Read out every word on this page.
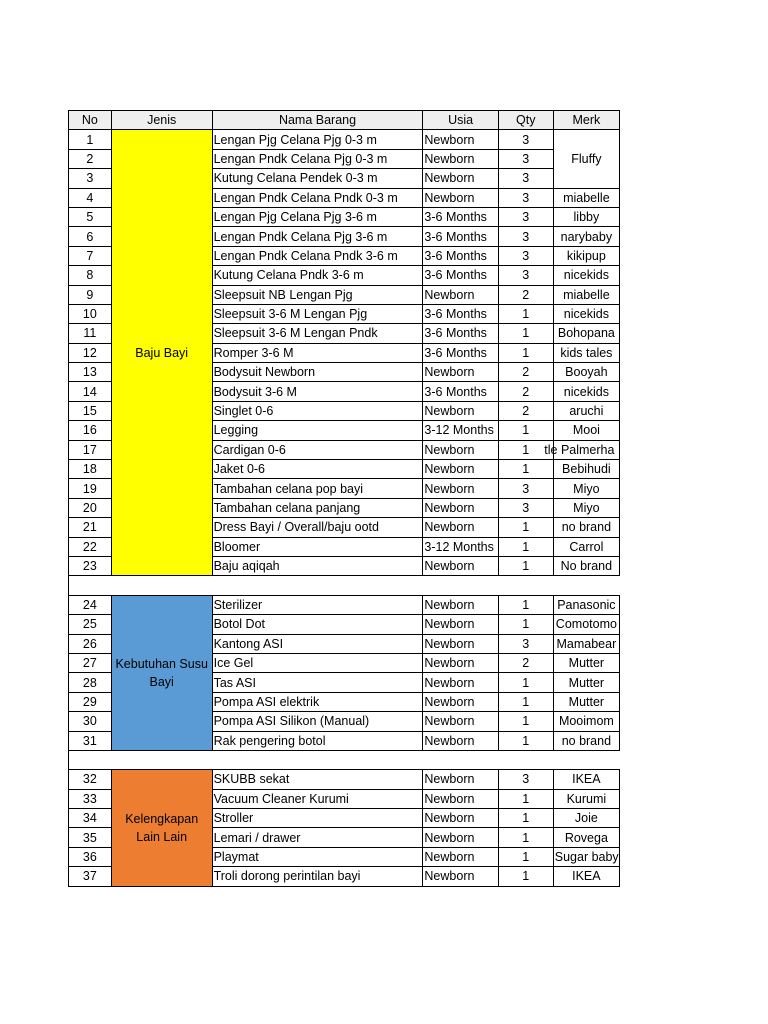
No	Jenis	Nama Barang	Usia	Qty	Merk
1	Baju Bayi	Lengan Pjg Celana Pjg 0-3 m	Newborn	3	Fluffy
2		Lengan Pndk Celana Pjg 0-3 m	Newborn	3	
3		Kutung Celana Pendek 0-3 m	Newborn	3	
4		Lengan Pndk Celana Pndk 0-3 m	Newborn	3	miabelle
5		Lengan Pjg Celana Pjg 3-6 m	3-6 Months	3	libby
6		Lengan Pndk Celana Pjg 3-6 m	3-6 Months	3	narybaby
7		Lengan Pndk Celana Pndk 3-6 m	3-6 Months	3	kikipup
8		Kutung Celana Pndk 3-6 m	3-6 Months	3	nicekids
9		Sleepsuit NB Lengan Pjg	Newborn	2	miabelle
10		Sleepsuit 3-6 M Lengan Pjg	3-6 Months	1	nicekids
11		Sleepsuit 3-6 M Lengan Pndk	3-6 Months	1	Bohopana
12		Romper 3-6 M	3-6 Months	1	kids tales
13		Bodysuit Newborn	Newborn	2	Booyah
14		Bodysuit 3-6 M	3-6 Months	2	nicekids
15		Singlet 0-6	Newborn	2	aruchi
16		Legging	3-12 Months	1	Mooi
17		Cardigan 0-6	Newborn	1	tle Palmerha
18		Jaket 0-6	Newborn	1	Bebihudi
19		Tambahan celana pop bayi	Newborn	3	Miyo
20		Tambahan celana panjang	Newborn	3	Miyo
21		Dress Bayi / Overall/baju ootd	Newborn	1	no brand
22		Bloomer	3-12 Months	1	Carrol
23		Baju aqiqah	Newborn	1	No brand

24	Kebutuhan Susu Bayi	Sterilizer	Newborn	1	Panasonic
25		Botol Dot	Newborn	1	Comotomo
26		Kantong ASI	Newborn	3	Mamabear
27		Ice Gel	Newborn	2	Mutter
28		Tas ASI	Newborn	1	Mutter
29		Pompa ASI elektrik	Newborn	1	Mutter
30		Pompa ASI Silikon (Manual)	Newborn	1	Mooimom
31		Rak pengering botol	Newborn	1	no brand

32	Kelengkapan Lain Lain	SKUBB sekat	Newborn	3	IKEA
33		Vacuum Cleaner Kurumi	Newborn	1	Kurumi
34		Stroller	Newborn	1	Joie
35		Lemari / drawer	Newborn	1	Rovega
36		Playmat	Newborn	1	Sugar baby
37		Troli dorong perintilan bayi	Newborn	1	IKEA
